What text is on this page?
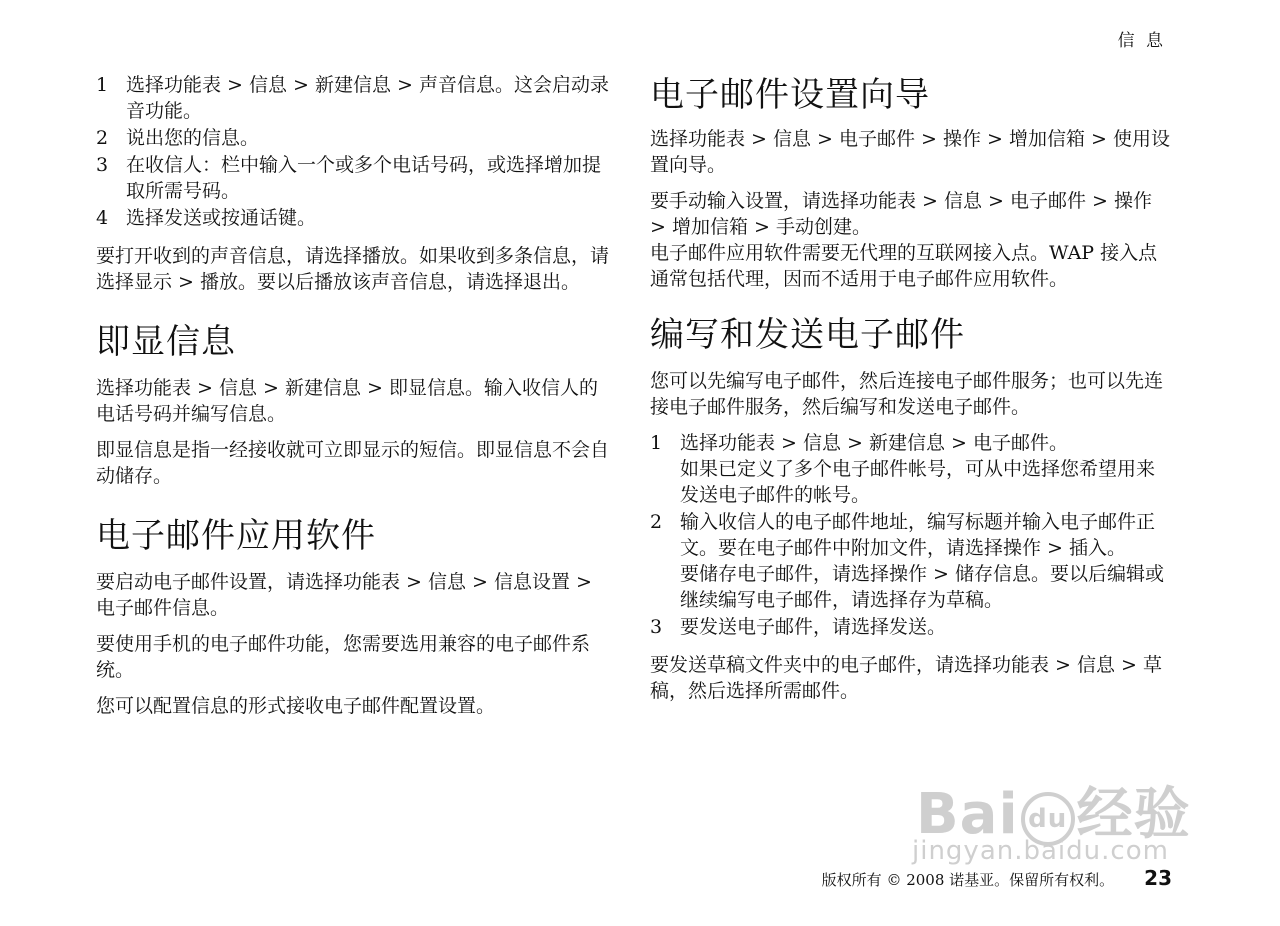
信 息
1 选择功能表 > 信息 > 新建信息 > 声音信息。这会启动录音功能。
2 说出您的信息。
3 在收信人：栏中输入一个或多个电话号码，或选择增加提取所需号码。
4 选择发送或按通话键。

要打开收到的声音信息，请选择播放。如果收到多条信息，请选择显示 > 播放。要以后播放该声音信息，请选择退出。

即显信息

选择功能表 > 信息 > 新建信息 > 即显信息。输入收信人的电话号码并编写信息。

即显信息是指一经接收就可立即显示的短信。即显信息不会自动储存。

电子邮件应用软件

要启动电子邮件设置，请选择功能表 > 信息 > 信息设置 > 电子邮件信息。

要使用手机的电子邮件功能，您需要选用兼容的电子邮件系统。

您可以配置信息的形式接收电子邮件配置设置。

电子邮件设置向导

选择功能表 > 信息 > 电子邮件 > 操作 > 增加信箱 > 使用设置向导。

要手动输入设置，请选择功能表 > 信息 > 电子邮件 > 操作 > 增加信箱 > 手动创建。

电子邮件应用软件需要无代理的互联网接入点。WAP 接入点通常包括代理，因而不适用于电子邮件应用软件。

编写和发送电子邮件

您可以先编写电子邮件，然后连接电子邮件服务；也可以先连接电子邮件服务，然后编写和发送电子邮件。

1 选择功能表 > 信息 > 新建信息 > 电子邮件。
如果已定义了多个电子邮件帐号，可从中选择您希望用来发送电子邮件的帐号。
2 输入收信人的电子邮件地址，编写标题并输入电子邮件正文。要在电子邮件中附加文件，请选择操作 > 插入。
要储存电子邮件，请选择操作 > 储存信息。要以后编辑或继续编写电子邮件，请选择存为草稿。
3 要发送电子邮件，请选择发送。

要发送草稿文件夹中的电子邮件，请选择功能表 > 信息 > 草稿，然后选择所需邮件。

Bai du 经验
jingyan.baidu.com
版权所有 © 2008 诺基亚。保留所有权利。 23
